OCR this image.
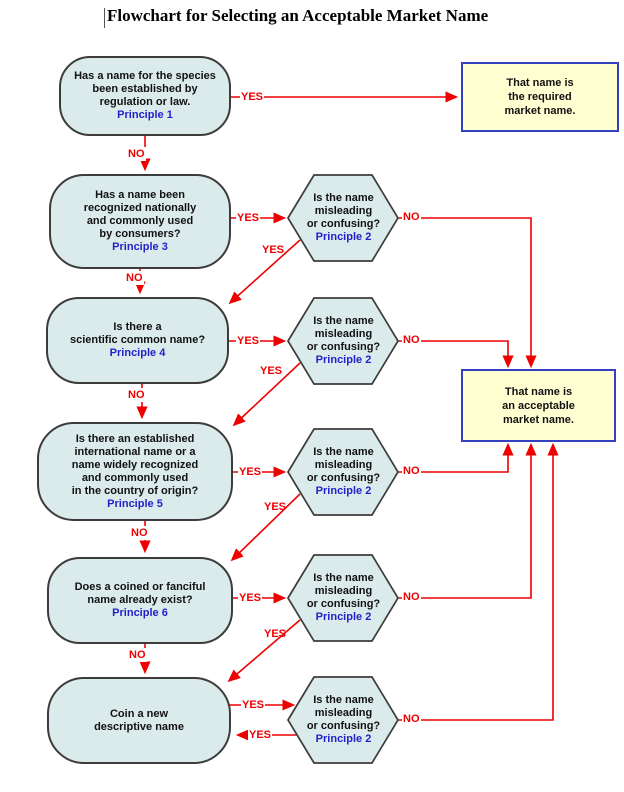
Flowchart for Selecting an Acceptable Market Name
Has a name for the species
been established by
regulation or law.
Principle 1
Has a name been
recognized nationally
and commonly used
by consumers?
Principle 3
Is there a
scientific common name?
Principle 4
Is there an established
international name or a
name widely recognized
and commonly used
in the country of origin?
Principle 5
Does a coined or fanciful
name already exist?
Principle 6
Coin a new
descriptive name
Is the name
misleading
or confusing?
Principle 2
Is the name
misleading
or confusing?
Principle 2
Is the name
misleading
or confusing?
Principle 2
Is the name
misleading
or confusing?
Principle 2
Is the name
misleading
or confusing?
Principle 2
That name is
the required
market name.
That name is
an acceptable
market name.
YES
YES
YES
YES
YES
YES
YES
YES
YES
YES
YES
NO
NO
NO
NO
NO
NO
NO
NO
NO
NO
